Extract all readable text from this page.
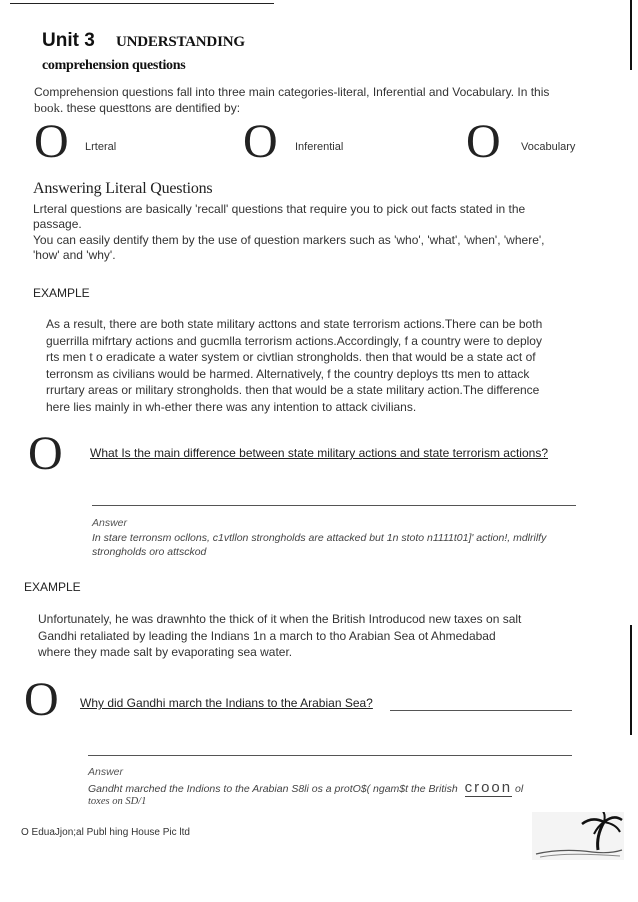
Unit 3 UNDERSTANDING
comprehension questions
Comprehension questions fall into three main categories-literal, Inferential and Vocabulary. In this
book. these questtons are dentified by:
O Lrteral	O Inferential	O Vocabulary
Answering Literal Questions
Lrteral questions are basically 'recall' questions that require you to pick out facts stated in the
passage.
You can easily dentify them by the use of question markers such as 'who', 'what', 'when', 'where',
'how' and 'why'.
EXAMPLE
As a result, there are both state military acttons and state terrorism actions.There can be both
guerrilla mifrtary actions and gucmlla terrorism actions.Accordingly, f a country were to deploy
rts men t o eradicate a water system or civtlian strongholds. then that would be a state act of
terronsm as civilians would be harmed. Alternatively, f the country deploys tts men to attack
rrurtary areas or military strongholds. then that would be a state military action.The difference
here lies mainly in wh-ether there was any intention to attack civilians.
O What Is the main difference between state military actions and state terrorism actions?
Answer
In stare terronsm ocllons, c1vtllon strongholds are attacked but 1n stoto n1111t01]' action!, mdlrilfy
strongholds oro attsckod
EXAMPLE
Unfortunately, he was drawnhto the thick of it when the British Introducod new taxes on salt
Gandhi retaliated by leading the Indians 1n a march to tho Arabian Sea ot Ahmedabad
where they made salt by evaporating sea water.
O Why did Gandhi march the Indians to the Arabian Sea?
Answer
Gandht marched the Indions to the Arabian S8li os a protO$( ngam$t the British croon ol
toxes on SD/1
O EduaJjon;al Publ hing House Pic ltd
